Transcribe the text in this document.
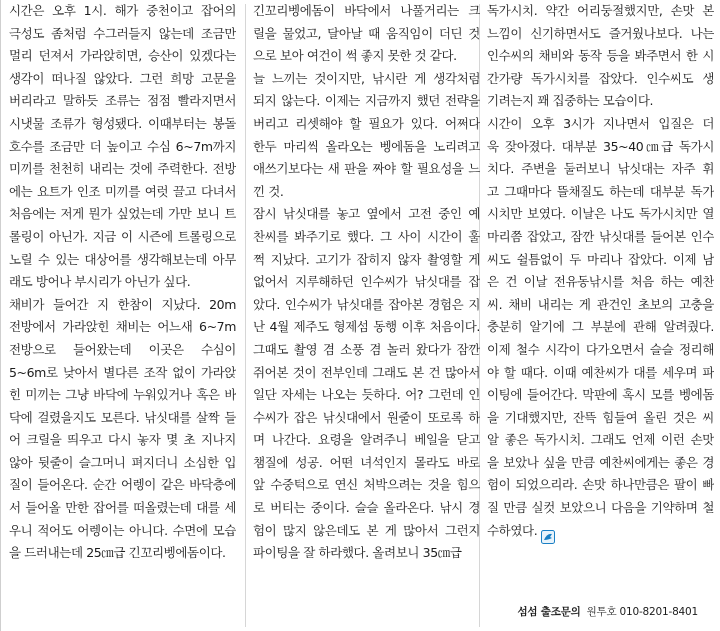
시간은 오후 1시. 해가 중천이고 잡어의
극성도 좀처럼 수그러들지 않는데 조금만
멀리 던져서 가라앉히면, 승산이 있겠다는
생각이 떠나질 않았다. 그런 희망 고문을
버리라고 말하듯 조류는 점점 빨라지면서
시냇물 조류가 형성됐다. 이때부터는 봉돌
호수를 조금만 더 높이고 수심 6~7m까지
미끼를 천천히 내리는 것에 주력한다. 전방
에는 요트가 인조 미끼를 여럿 끌고 다녀서
처음에는 저게 뭔가 싶었는데 가만 보니 트
롤링이 아닌가. 지금 이 시즌에 트롤링으로
노릴 수 있는 대상어를 생각해보는데 아무
래도 방어나 부시리가 아닌가 싶다.
채비가 들어간 지 한참이 지났다. 20m
전방에서 가라앉힌 채비는 어느새 6~7m
전방으로 들어왔는데 이곳은 수심이
5~6m로 낮아서 별다른 조작 없이 가라앉
힌 미끼는 그냥 바닥에 누워있거나 혹은 바
닥에 걸렸을지도 모른다. 낚싯대를 살짝 들
어 크릴을 띄우고 다시 놓자 몇 초 지나지
않아 뒷줄이 슬그머니 펴지더니 소심한 입
질이 들어온다. 순간 어렝이 같은 바닥층에
서 들어올 만한 잡어를 떠올렸는데 대를 세
우니 적어도 어렝이는 아니다. 수면에 모습
을 드러내는데 25㎝급 긴꼬리벵에돔이다.
긴꼬리벵에돔이 바닥에서 나풀거리는 크
릴을 물었고, 달아날 때 움직임이 더딘 것
으로 보아 여건이 썩 좋지 못한 것 같다.
늘 느끼는 것이지만, 낚시란 게 생각처럼
되지 않는다. 이제는 지금까지 했던 전략을
버리고 리셋해야 할 필요가 있다. 어쩌다
한두 마리씩 올라오는 벵에돔을 노리려고
애쓰기보다는 새 판을 짜야 할 필요성을 느
낀 것.
잠시 낚싯대를 놓고 옆에서 고전 중인 예
찬씨를 봐주기로 했다. 그 사이 시간이 훌
쩍 지났다. 고기가 잡히지 않자 촬영할 게
없어서 지루해하던 인수씨가 낚싯대를 잡
았다. 인수씨가 낚싯대를 잡아본 경험은 지
난 4월 제주도 형제섬 동행 이후 처음이다.
그때도 촬영 겸 소풍 겸 놀러 왔다가 잠깐
쥐어본 것이 전부인데 그래도 본 건 많아서
일단 자세는 나오는 듯하다. 어? 그런데 인
수씨가 잡은 낚싯대에서 원줄이 또로록 하
며 나간다. 요령을 알려주니 베일을 닫고
챔질에 성공. 어떤 녀석인지 몰라도 바로
앞 수중턱으로 연신 처박으려는 것을 힘으
로 버티는 중이다. 슬슬 올라온다. 낚시 경
험이 많지 않은데도 본 게 많아서 그런지
파이팅을 잘 하라했다. 올려보니 35㎝급
독가시치. 약간 어리둥절했지만, 손맛 본
느낌이 신기하면서도 즐거웠나보다. 나는
인수씨의 채비와 동작 등을 봐주면서 한 시
간가량 독가시치를 잡았다. 인수씨도 생
기려는지 꽤 집중하는 모습이다.
시간이 오후 3시가 지나면서 입질은 더
욱 잦아졌다. 대부분 35~40㎝급 독가시
치다. 주변을 둘러보니 낚싯대는 자주 휘
고 그때마다 뜰채질도 하는데 대부분 독가
시치만 보였다. 이날은 나도 독가시치만 열
마리쯤 잡았고, 잠깐 낚싯대를 들어본 인수
씨도 쉴틈없이 두 마리나 잡았다. 이제 남
은 건 이날 전유동낚시를 처음 하는 예찬
씨. 채비 내리는 게 관건인 초보의 고충을
충분히 알기에 그 부분에 관해 알려줬다.
이제 철수 시각이 다가오면서 슬슬 정리해
야 할 때다. 이때 예찬씨가 대를 세우며 파
이팅에 들어간다. 막판에 혹시 모를 벵에돔
을 기대했지만, 잔뜩 힘들여 올린 것은 씨
알 좋은 독가시치. 그래도 언제 이런 손맛
을 보았나 싶을 만큼 예찬씨에게는 좋은 경
험이 되었으리라. 손맛 하나만큼은 팔이 빠
질 만큼 실컷 보았으니 다음을 기약하며 철
수하였다.
섬섬 출조문의 원투호 010-8201-8401
